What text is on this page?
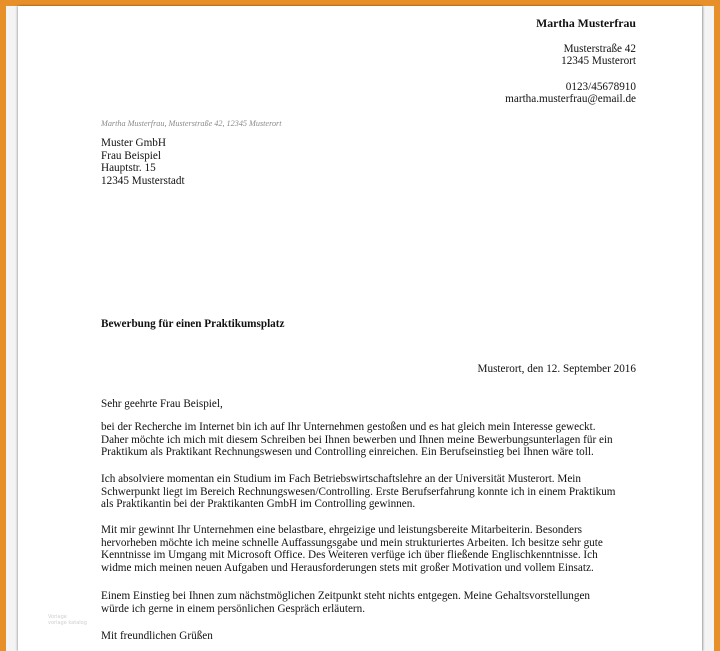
Martha Musterfrau
Musterstraße 42
12345 Musterort
0123/45678910
martha.musterfrau@email.de
Martha Musterfrau, Musterstraße 42, 12345 Musterort
Muster GmbH
Frau Beispiel
Hauptstr. 15
12345 Musterstadt
Bewerbung für einen Praktikumsplatz
Musterort, den 12. September 2016

Sehr geehrte Frau Beispiel,

bei der Recherche im Internet bin ich auf Ihr Unternehmen gestoßen und es hat gleich mein Interesse geweckt.

Daher möchte ich mich mit diesem Schreiben bei Ihnen bewerben und Ihnen meine Bewerbungsunterlagen für ein

Praktikum als Praktikant Rechnungswesen und Controlling einreichen. Ein Berufseinstieg bei Ihnen wäre toll.

Ich absolviere momentan ein Studium im Fach Betriebswirtschaftslehre an der Universität Musterort. Mein

Schwerpunkt liegt im Bereich Rechnungswesen/Controlling. Erste Berufserfahrung konnte ich in einem Praktikum

als Praktikantin bei der Praktikanten GmbH im Controlling gewinnen.

Mit mir gewinnt Ihr Unternehmen eine belastbare, ehrgeizige und leistungsbereite Mitarbeiterin. Besonders

hervorheben möchte ich meine schnelle Auffassungsgabe und mein strukturiertes Arbeiten. Ich besitze sehr gute

Kenntnisse im Umgang mit Microsoft Office. Des Weiteren verfüge ich über fließende Englischkenntnisse. Ich

widme mich meinen neuen Aufgaben und Herausforderungen stets mit großer Motivation und vollem Einsatz.

Einem Einstieg bei Ihnen zum nächstmöglichen Zeitpunkt steht nichts entgegen. Meine Gehaltsvorstellungen

würde ich gerne in einem persönlichen Gespräch erläutern.

Mit freundlichen Grüßen

Vorlage
vorlage katalog
